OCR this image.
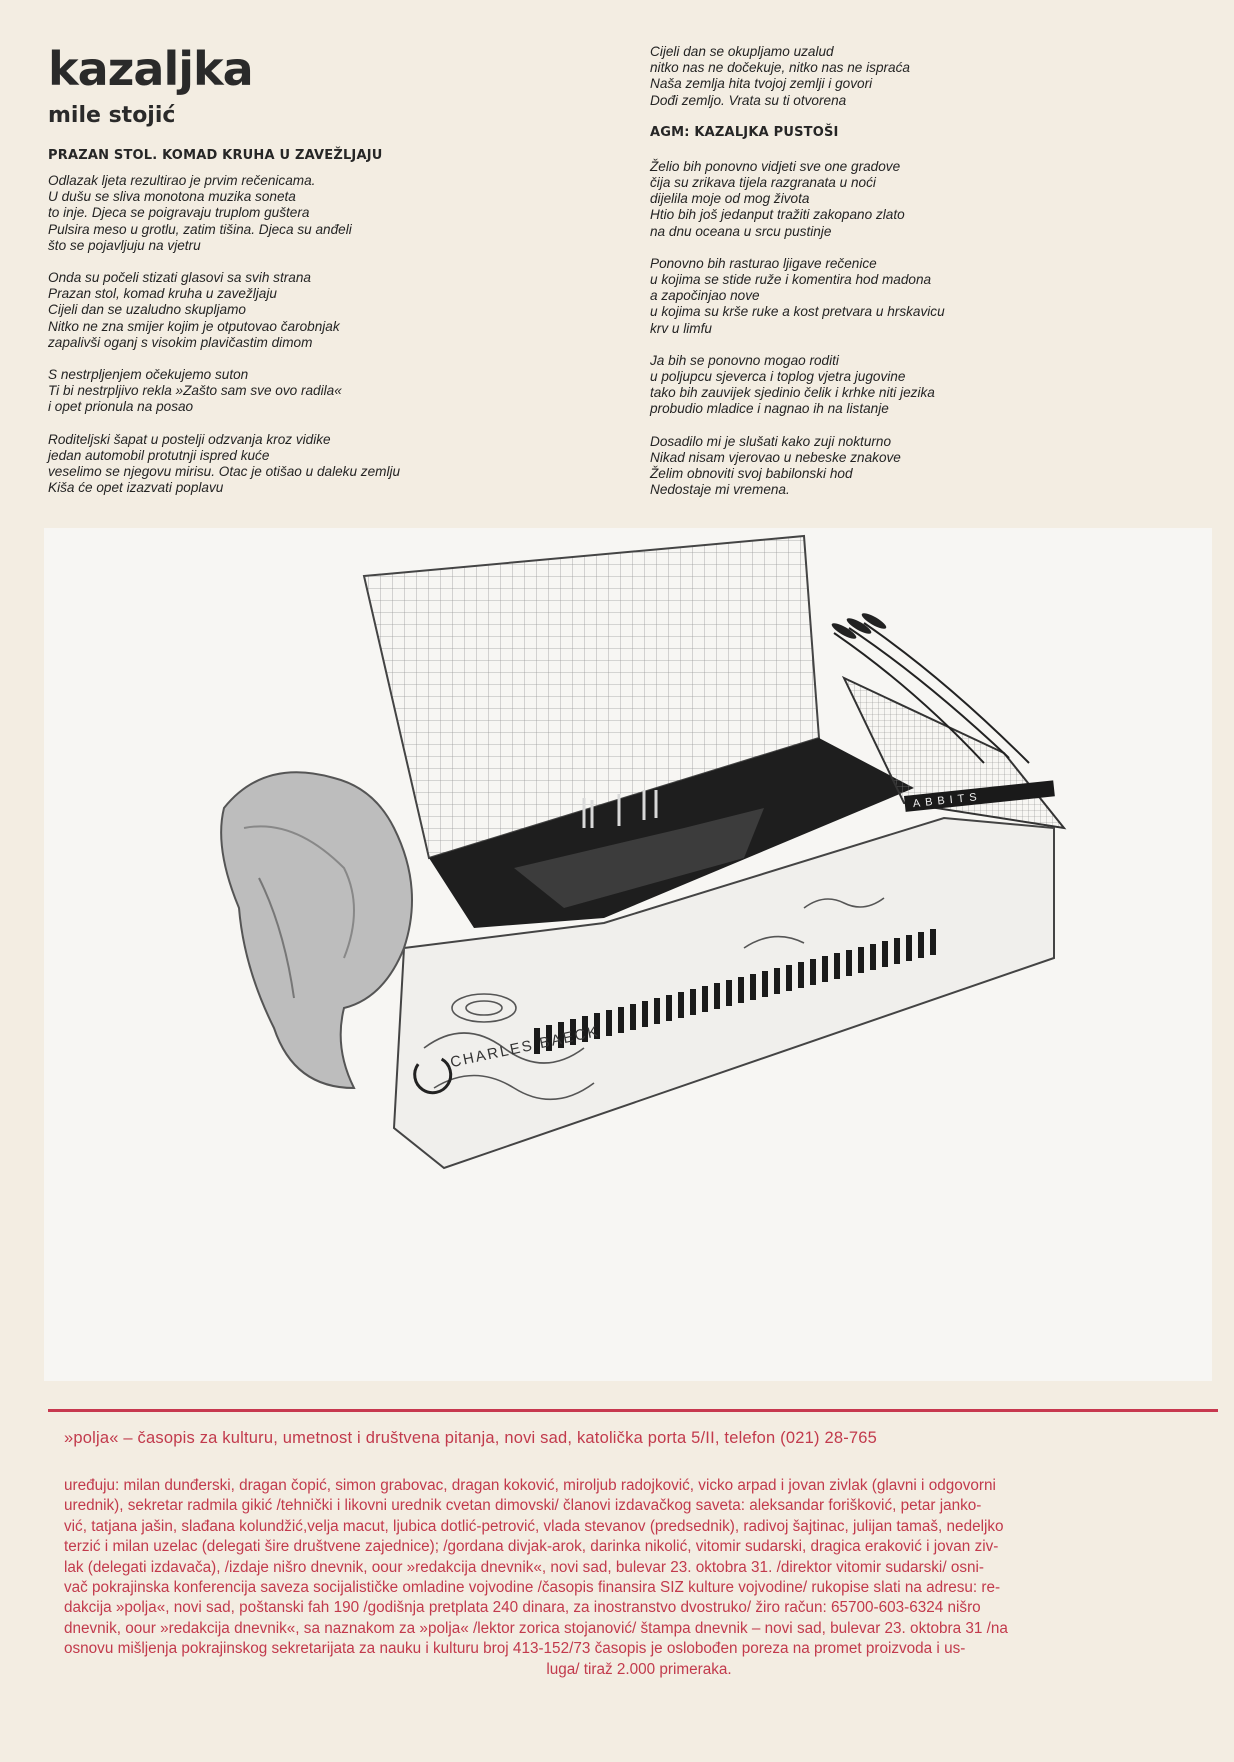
kazaljka
mile stojić

PRAZAN STOL. KOMAD KRUHA U ZAVEŽLJAJU

Odlazak ljeta rezultirao je prvim rečenicama.
U dušu se sliva monotona muzika soneta
to inje. Djeca se poigravaju truplom guštera
Pulsira meso u grotlu, zatim tišina. Djeca su anđeli
što se pojavljuju na vjetru
Onda su počeli stizati glasovi sa svih strana
Prazan stol, komad kruha u zavežljaju
Cijeli dan se uzaludno skupljamo
Nitko ne zna smijer kojim je otputovao čarobnjak
zapalivši oganj s visokim plavičastim dimom
S nestrpljenjem očekujemo suton
Ti bi nestrpljivo rekla »Zašto sam sve ovo radila«
i opet prionula na posao
Roditeljski šapat u postelji odzvanja kroz vidike
jedan automobil protutnji ispred kuće
veselimo se njegovu mirisu. Otac je otišao u daleku zemlju
Kiša će opet izazvati poplavu
Cijeli dan se okupljamo uzalud
nitko nas ne dočekuje, nitko nas ne ispraća
Naša zemlja hita tvojoj zemlji i govori
Dođi zemljo. Vrata su ti otvorena

AGM: KAZALJKA PUSTOŠI

Želio bih ponovno vidjeti sve one gradove
čija su zrikava tijela razgranata u noći
dijelila moje od mog života
Htio bih još jedanput tražiti zakopano zlato
na dnu oceana u srcu pustinje
Ponovno bih rasturao ljigave rečenice
u kojima se stide ruže i komentira hod madona
a započinjao nove
u kojima su krše ruke a kost pretvara u hrskavicu
krv u limfu
Ja bih se ponovno mogao roditi
u poljupcu sjeverca i toplog vjetra jugovine
tako bih zauvijek sjedinio čelik i krhke niti jezika
probudio mladice i nagnao ih na listanje
Dosadilo mi je slušati kako zuji nokturno
Nikad nisam vjerovao u nebeske znakove
Želim obnoviti svoj babilonski hod
Nedostaje mi vremena.
ABBITS
CHARLES BAECK
»polja« – časopis za kulturu, umetnost i društvena pitanja, novi sad, katolička porta 5/II, telefon (021) 28-765
uređuju: milan dunđerski, dragan čopić, simon grabovac, dragan koković, miroljub radojković, vicko arpad i jovan zivlak (glavni i odgovorni
urednik), sekretar radmila gikić /tehnički i likovni urednik cvetan dimovski/ članovi izdavačkog saveta: aleksandar forišković, petar janko-
vić, tatjana jašin, slađana kolundžić,velja macut, ljubica dotlić-petrović, vlada stevanov (predsednik), radivoj šajtinac, julijan tamaš, nedeljko
terzić i milan uzelac (delegati šire društvene zajednice); /gordana divjak-arok, darinka nikolić, vitomir sudarski, dragica eraković i jovan ziv-
lak (delegati izdavača), /izdaje nišro dnevnik, oour »redakcija dnevnik«, novi sad, bulevar 23. oktobra 31. /direktor vitomir sudarski/ osni-
vač pokrajinska konferencija saveza socijalističke omladine vojvodine /časopis finansira SIZ kulture vojvodine/ rukopise slati na adresu: re-
dakcija »polja«, novi sad, poštanski fah 190 /godišnja pretplata 240 dinara, za inostranstvo dvostruko/ žiro račun: 65700-603-6324 nišro
dnevnik, oour »redakcija dnevnik«, sa naznakom za »polja« /lektor zorica stojanović/ štampa dnevnik – novi sad, bulevar 23. oktobra 31 /na
osnovu mišljenja pokrajinskog sekretarijata za nauku i kulturu broj 413-152/73 časopis je oslobođen poreza na promet proizvoda i us-
luga/ tiraž 2.000 primeraka.
